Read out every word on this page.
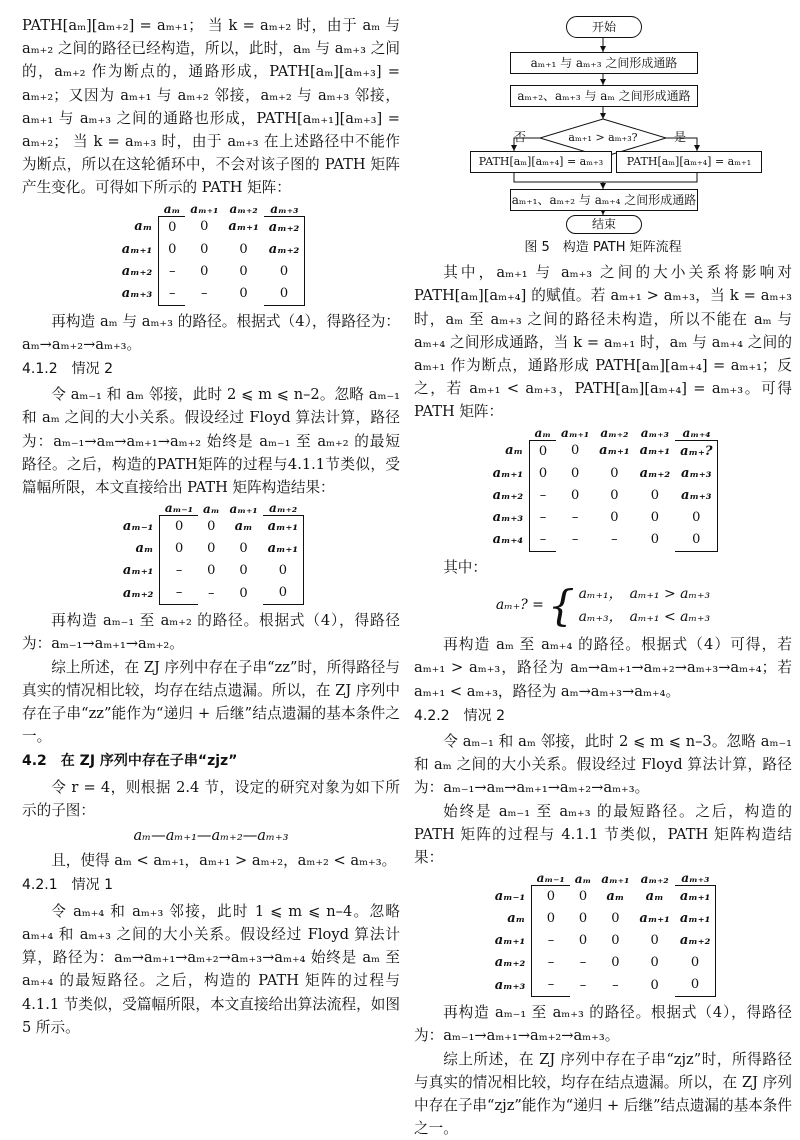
PATH[aₘ][aₘ₊₂] = aₘ₊₁； 当 k = aₘ₊₂ 时，由于 aₘ 与 aₘ₊₂ 之间的路径已经构造，所以，此时，aₘ 与 aₘ₊₃ 之间的，aₘ₊₂ 作为断点的，通路形成，PATH[aₘ][aₘ₊₃] = aₘ₊₂；又因为 aₘ₊₁ 与 aₘ₊₂ 邻接，aₘ₊₂ 与 aₘ₊₃ 邻接，aₘ₊₁ 与 aₘ₊₃ 之间的通路也形成，PATH[aₘ₊₁][aₘ₊₃] = aₘ₊₂； 当 k = aₘ₊₃ 时，由于 aₘ₊₃ 在上述路径中不能作为断点，所以在这轮循环中，不会对该子图的 PATH 矩阵产生变化。可得如下所示的 PATH 矩阵：

	aₘ	aₘ₊₁	aₘ₊₂	aₘ₊₃
aₘ	0	0	aₘ₊₁	aₘ₊₂
aₘ₊₁	0	0	0	aₘ₊₂
aₘ₊₂	–	0	0	0
aₘ₊₃	–	–	0	0

再构造 aₘ 与 aₘ₊₃ 的路径。根据式（4），得路径为：aₘ→aₘ₊₂→aₘ₊₃。

4.1.2　情况 2

令 aₘ₋₁ 和 aₘ 邻接，此时 2 ⩽ m ⩽ n–2。忽略 aₘ₋₁ 和 aₘ 之间的大小关系。假设经过 Floyd 算法计算，路径为：aₘ₋₁→aₘ→aₘ₊₁→aₘ₊₂ 始终是 aₘ₋₁ 至 aₘ₊₂ 的最短路径。之后，构造的PATH矩阵的过程与4.1.1节类似，受篇幅所限，本文直接给出 PATH 矩阵构造结果：

	aₘ₋₁	aₘ	aₘ₊₁	aₘ₊₂
aₘ₋₁	0	0	aₘ	aₘ₊₁
aₘ	0	0	0	aₘ₊₁
aₘ₊₁	–	0	0	0
aₘ₊₂	–	–	0	0

再构造 aₘ₋₁ 至 aₘ₊₂ 的路径。根据式（4），得路径为：aₘ₋₁→aₘ₊₁→aₘ₊₂。

综上所述，在 ZJ 序列中存在子串“zz”时，所得路径与真实的情况相比较，均存在结点遗漏。所以，在 ZJ 序列中存在子串“zz”能作为“递归 + 后继”结点遗漏的基本条件之一。

4.2　在 ZJ 序列中存在子串“zjz”

令 r = 4，则根据 2.4 节，设定的研究对象为如下所示的子图：

aₘ—aₘ₊₁—aₘ₊₂—aₘ₊₃

且，使得 aₘ < aₘ₊₁，aₘ₊₁ > aₘ₊₂，aₘ₊₂ < aₘ₊₃。

4.2.1　情况 1

令 aₘ₊₄ 和 aₘ₊₃ 邻接，此时 1 ⩽ m ⩽ n–4。忽略 aₘ₊₄ 和 aₘ₊₃ 之间的大小关系。假设经过 Floyd 算法计算，路径为：aₘ→aₘ₊₁→aₘ₊₂→aₘ₊₃→aₘ₊₄ 始终是 aₘ 至 aₘ₊₄ 的最短路径。之后，构造的 PATH 矩阵的过程与 4.1.1 节类似，受篇幅所限，本文直接给出算法流程，如图 5 所示。

开始
aₘ₊₁ 与 aₘ₊₃ 之间形成通路
aₘ₊₂、aₘ₊₃ 与 aₘ 之间形成通路
aₘ₊₁ > aₘ₊₃?
否	是
PATH[aₘ][aₘ₊₄] = aₘ₊₃	PATH[aₘ][aₘ₊₄] = aₘ₊₁
aₘ₊₁、aₘ₊₂ 与 aₘ₊₄ 之间形成通路
结束
图 5　构造 PATH 矩阵流程

其中，aₘ₊₁ 与 aₘ₊₃ 之间的大小关系将影响对 PATH[aₘ][aₘ₊₄] 的赋值。若 aₘ₊₁ > aₘ₊₃，当 k = aₘ₊₃ 时，aₘ 至 aₘ₊₃ 之间的路径未构造，所以不能在 aₘ 与 aₘ₊₄ 之间形成通路，当 k = aₘ₊₁ 时，aₘ 与 aₘ₊₄ 之间的 aₘ₊₁ 作为断点，通路形成 PATH[aₘ][aₘ₊₄] = aₘ₊₁；反之，若 aₘ₊₁ < aₘ₊₃，PATH[aₘ][aₘ₊₄] = aₘ₊₃。可得 PATH 矩阵：

	aₘ	aₘ₊₁	aₘ₊₂	aₘ₊₃	aₘ₊₄
aₘ	0	0	aₘ₊₁	aₘ₊₁	aₘ₊?
aₘ₊₁	0	0	0	aₘ₊₂	aₘ₊₃
aₘ₊₂	–	0	0	0	aₘ₊₃
aₘ₊₃	–	–	0	0	0
aₘ₊₄	–	–	–	0	0

其中：

aₘ₊? = { aₘ₊₁，　 aₘ₊₁ > aₘ₊₃
aₘ₊₃，　 aₘ₊₁ < aₘ₊₃

再构造 aₘ 至 aₘ₊₄ 的路径。根据式（4）可得，若 aₘ₊₁ > aₘ₊₃，路径为 aₘ→aₘ₊₁→aₘ₊₂→aₘ₊₃→aₘ₊₄；若 aₘ₊₁ < aₘ₊₃，路径为 aₘ→aₘ₊₃→aₘ₊₄。

4.2.2　情况 2

令 aₘ₋₁ 和 aₘ 邻接，此时 2 ⩽ m ⩽ n–3。忽略 aₘ₋₁ 和 aₘ 之间的大小关系。假设经过 Floyd 算法计算，路径为：aₘ₋₁→aₘ→aₘ₊₁→aₘ₊₂→aₘ₊₃。

始终是 aₘ₋₁ 至 aₘ₊₃ 的最短路径。之后，构造的 PATH 矩阵的过程与 4.1.1 节类似，PATH 矩阵构造结果：

	aₘ₋₁	aₘ	aₘ₊₁	aₘ₊₂	aₘ₊₃
aₘ₋₁	0	0	aₘ	aₘ	aₘ₊₁
aₘ	0	0	0	aₘ₊₁	aₘ₊₁
aₘ₊₁	–	0	0	0	aₘ₊₂
aₘ₊₂	–	–	0	0	0
aₘ₊₃	–	–	–	0	0

再构造 aₘ₋₁ 至 aₘ₊₃ 的路径。根据式（4），得路径为：aₘ₋₁→aₘ₊₁→aₘ₊₂→aₘ₊₃。

综上所述，在 ZJ 序列中存在子串“zjz”时，所得路径与真实的情况相比较，均存在结点遗漏。所以，在 ZJ 序列中存在子串“zjz”能作为“递归 + 后继”结点遗漏的基本条件之一。
